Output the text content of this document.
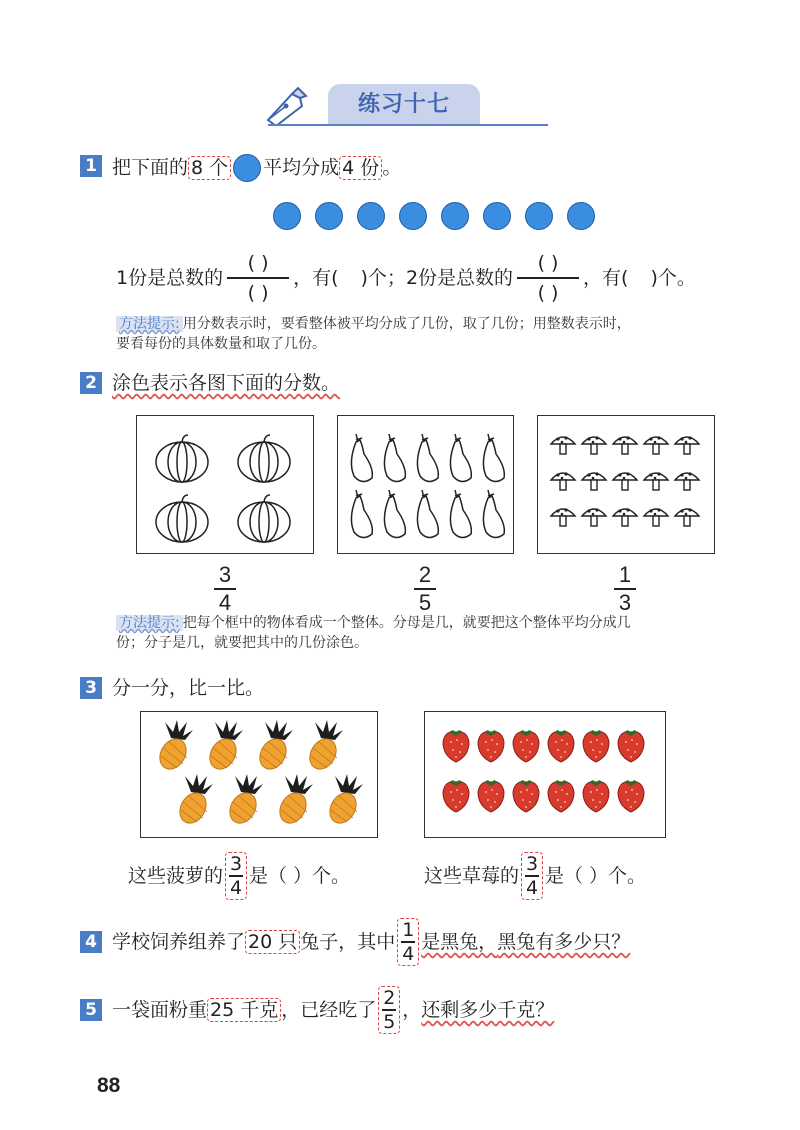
练习十七
1 把下面的 8 个 平均分成 4 份 。
1份是总数的 $\frac{( )}{( )}$ ，有( )个； 2份是总数的 $\frac{( )}{( )}$ ，有( )个。
方法提示: 用分数表示时，要看整体被平均分成了几份，取了几份；用整数表示时，
要看每份的具体数量和取了几份。
2 涂色表示各图下面的分数。
3
4
2
5
1
3
方法提示: 把每个框中的物体看成一个整体。分母是几，就要把这个整体平均分成几
份；分子是几，就要把其中的几份涂色。
3 分一分，比一比。
这些菠萝的
3
4
是（ ）个。	这些草莓的
3
4
是（ ）个。
4 学校饲养组养了 20 只 兔子，其中
1
4
是黑兔， 黑兔有多少只？
5 一袋面粉重 25 千克 ，已经吃了
2
5
， 还剩多少千克？
88
